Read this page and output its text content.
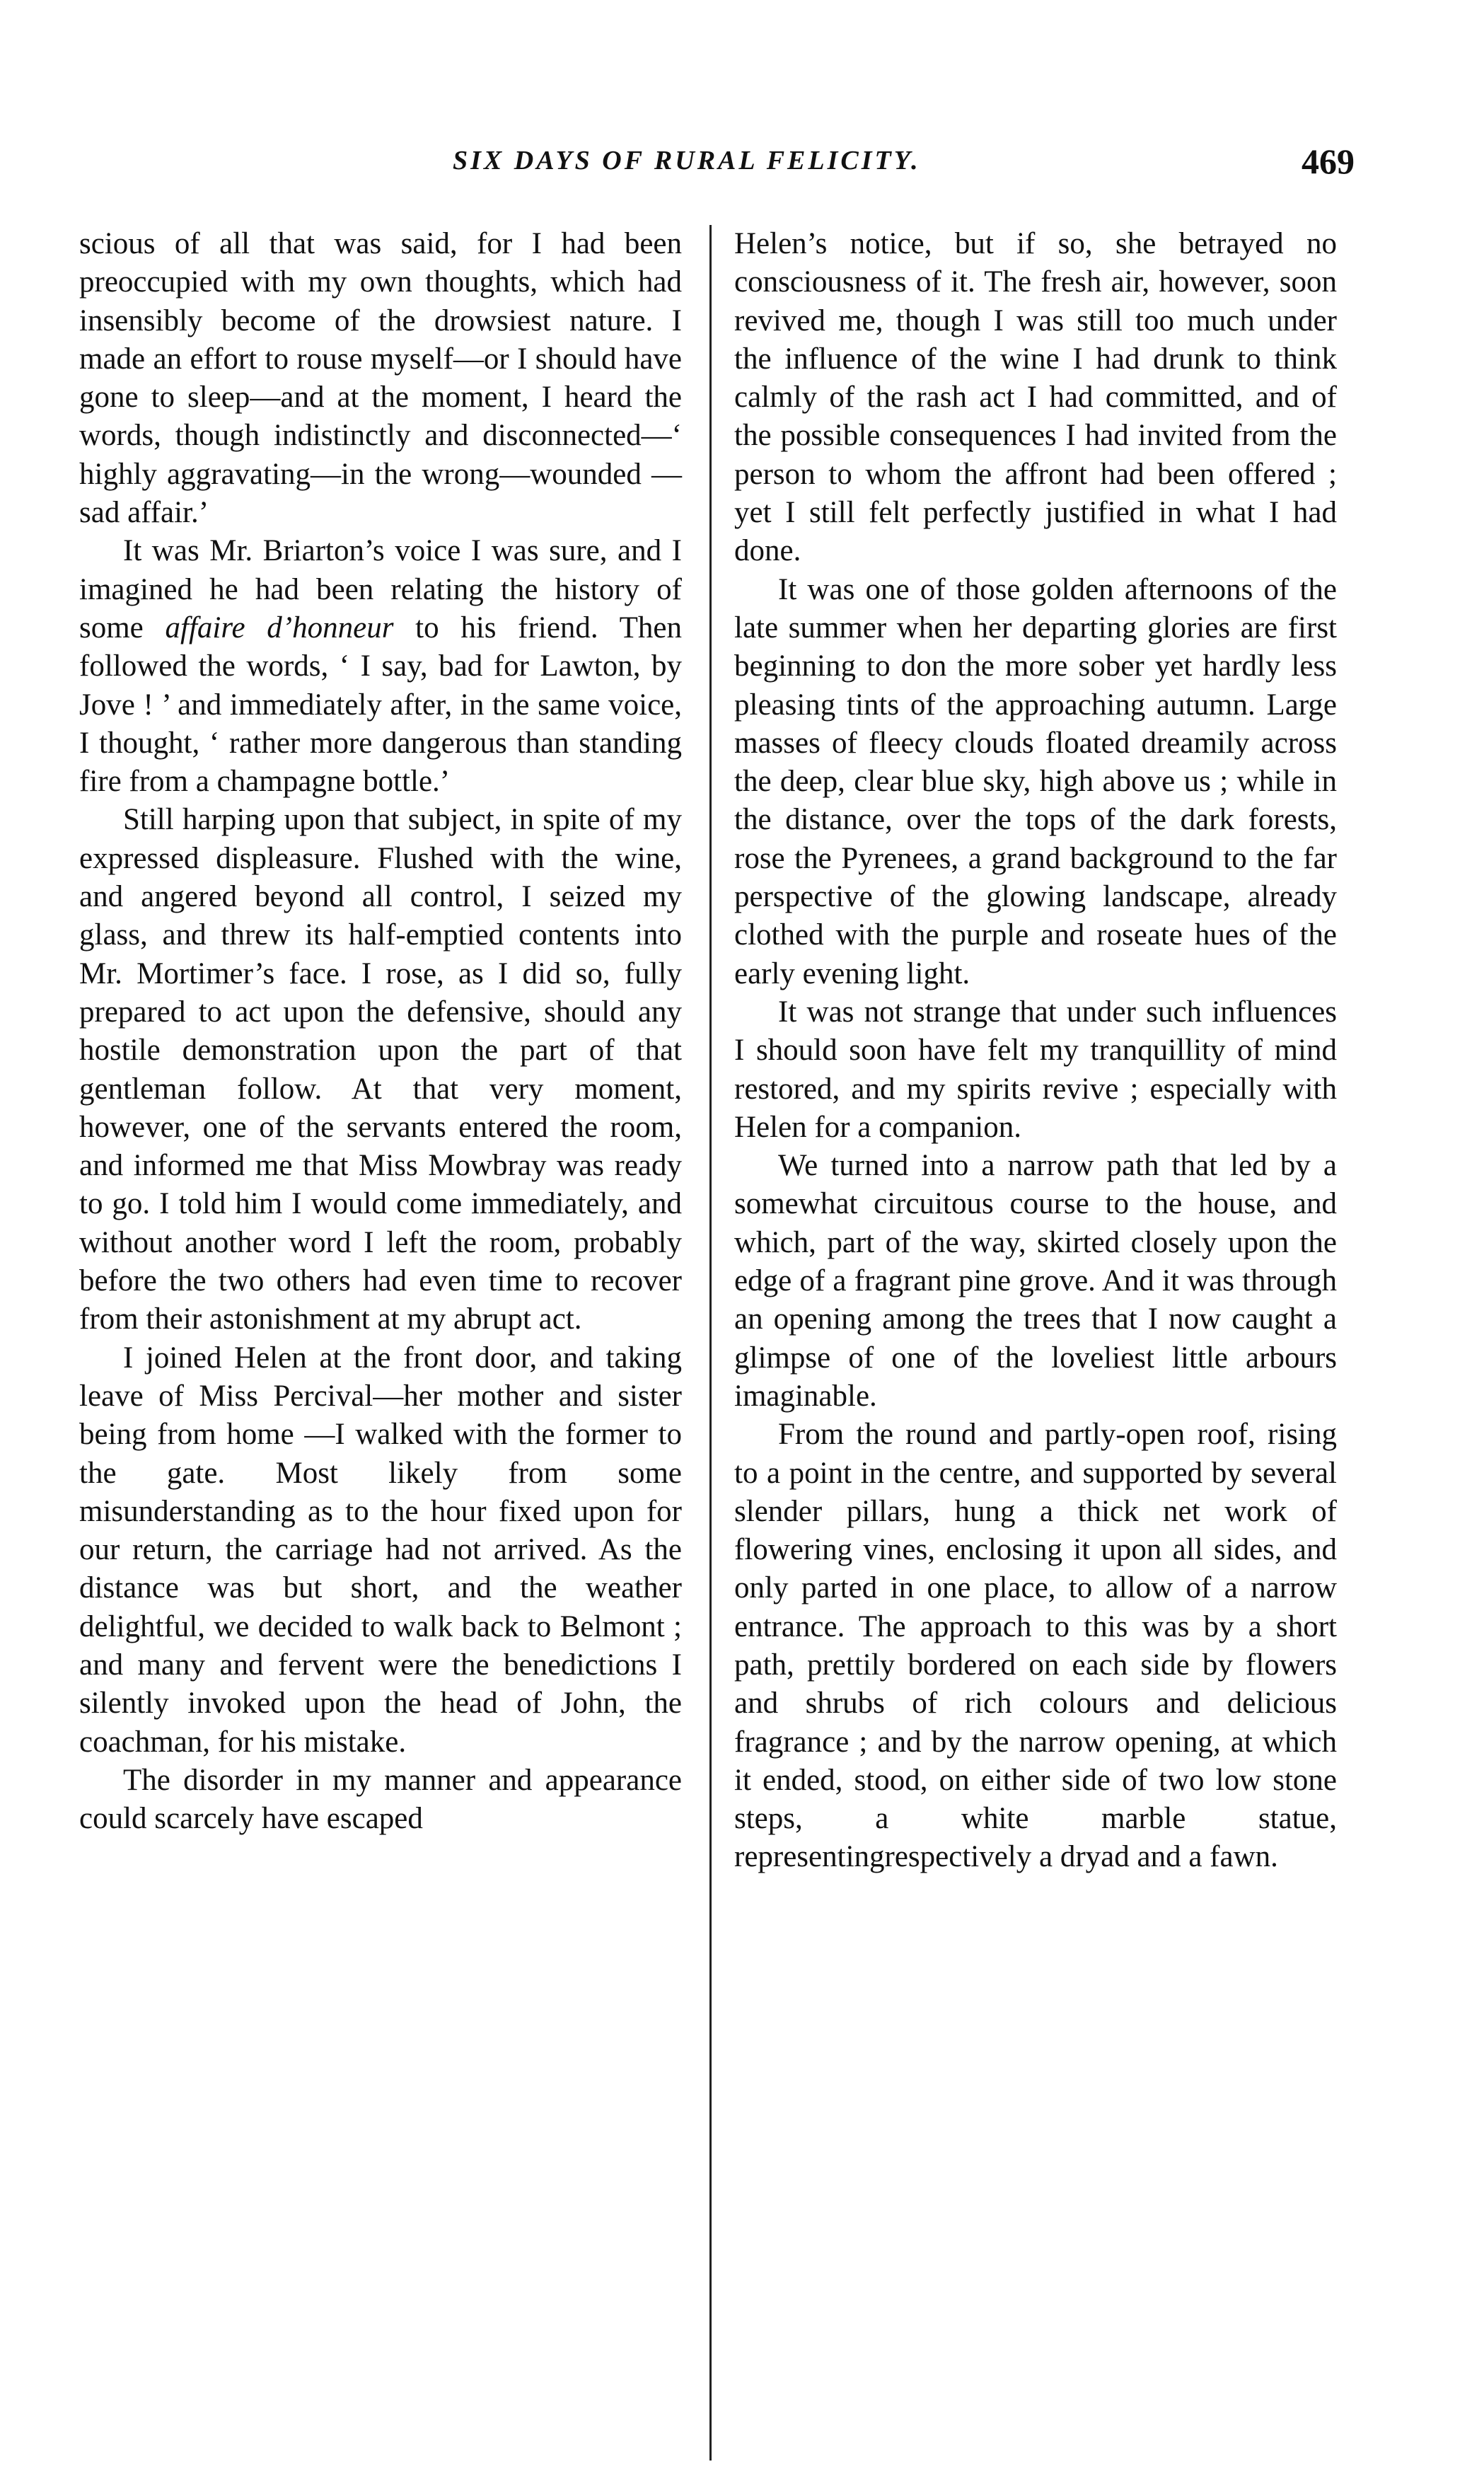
SIX DAYS OF RURAL FELICITY.	469

scious of all that was said, for I had been preoccupied with my own thoughts, which had insensibly become of the drowsiest nature. I made an effort to rouse myself—or I should have gone to sleep—and at the moment, I heard the words, though indistinctly and disconnected—‘ highly aggravating—in the wrong—wounded —sad affair.’

It was Mr. Briarton’s voice I was sure, and I imagined he had been relating the history of some affaire d’honneur to his friend. Then followed the words, ‘ I say, bad for Lawton, by Jove ! ’ and immediately after, in the same voice, I thought, ‘ rather more dangerous than standing fire from a champagne bottle.’

Still harping upon that subject, in spite of my expressed displeasure. Flushed with the wine, and angered beyond all control, I seized my glass, and threw its half-emptied contents into Mr. Mortimer’s face. I rose, as I did so, fully prepared to act upon the defensive, should any hostile demonstration upon the part of that gentleman follow. At that very moment, however, one of the servants entered the room, and informed me that Miss Mowbray was ready to go. I told him I would come immediately, and without another word I left the room, probably before the two others had even time to recover from their astonishment at my abrupt act.

I joined Helen at the front door, and taking leave of Miss Percival—her mother and sister being from home —I walked with the former to the gate. Most likely from some misunderstanding as to the hour fixed upon for our return, the carriage had not arrived. As the distance was but short, and the weather delightful, we decided to walk back to Belmont ; and many and fervent were the benedictions I silently invoked upon the head of John, the coachman, for his mistake.

The disorder in my manner and appearance could scarcely have escaped

Helen’s notice, but if so, she betrayed no consciousness of it. The fresh air, however, soon revived me, though I was still too much under the influence of the wine I had drunk to think calmly of the rash act I had committed, and of the possible consequences I had invited from the person to whom the affront had been offered ; yet I still felt perfectly justified in what I had done.

It was one of those golden afternoons of the late summer when her departing glories are first beginning to don the more sober yet hardly less pleasing tints of the approaching autumn. Large masses of fleecy clouds floated dreamily across the deep, clear blue sky, high above us ; while in the distance, over the tops of the dark forests, rose the Pyrenees, a grand background to the far perspective of the glowing landscape, already clothed with the purple and roseate hues of the early evening light.

It was not strange that under such influences I should soon have felt my tranquillity of mind restored, and my spirits revive ; especially with Helen for a companion.

We turned into a narrow path that led by a somewhat circuitous course to the house, and which, part of the way, skirted closely upon the edge of a fragrant pine grove. And it was through an opening among the trees that I now caught a glimpse of one of the loveliest little arbours imaginable.

From the round and partly-open roof, rising to a point in the centre, and supported by several slender pillars, hung a thick net work of flowering vines, enclosing it upon all sides, and only parted in one place, to allow of a narrow entrance. The approach to this was by a short path, prettily bordered on each side by flowers and shrubs of rich colours and delicious fragrance ; and by the narrow opening, at which it ended, stood, on either side of two low stone steps, a white marble statue, representingrespectively a dryad and a fawn.
